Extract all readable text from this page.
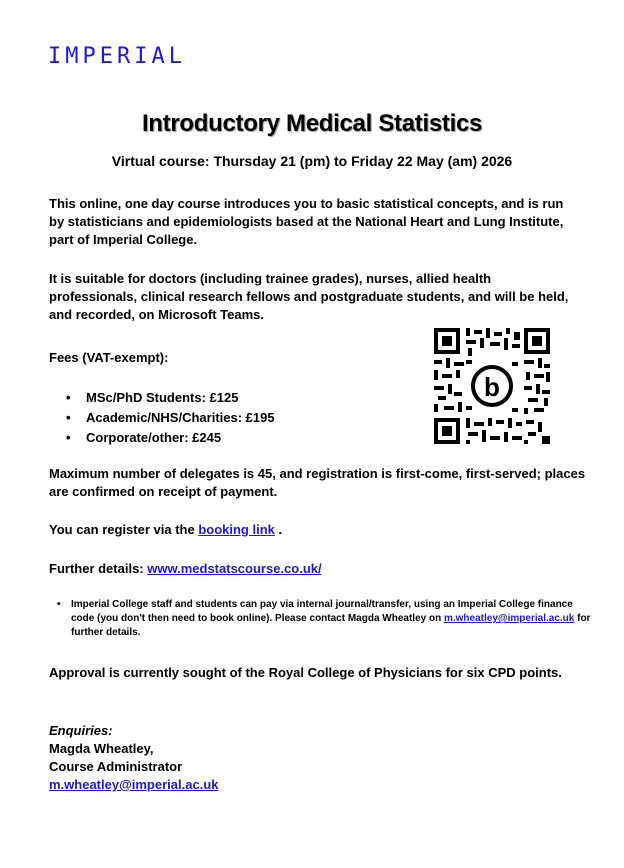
IMPERIAL
Introductory Medical Statistics
Virtual course: Thursday 21 (pm) to Friday 22 May (am) 2026
This online, one day course introduces you to basic statistical concepts, and is run by statisticians and epidemiologists based at the National Heart and Lung Institute, part of Imperial College.
It is suitable for doctors (including trainee grades), nurses, allied health professionals, clinical research fellows and postgraduate students, and will be held, and recorded, on Microsoft Teams.
Fees (VAT-exempt):
• MSc/PhD Students: £125
• Academic/NHS/Charities: £195
• Corporate/other: £245
b
Maximum number of delegates is 45, and registration is first-come, first-served; places are confirmed on receipt of payment.
You can register via the booking link .
Further details: www.medstatscourse.co.uk/
• Imperial College staff and students can pay via internal journal/transfer, using an Imperial College finance code (you don't then need to book online). Please contact Magda Wheatley on m.wheatley@imperial.ac.uk for further details.
Approval is currently sought of the Royal College of Physicians for six CPD points.
Enquiries:
Magda Wheatley,
Course Administrator
m.wheatley@imperial.ac.uk
